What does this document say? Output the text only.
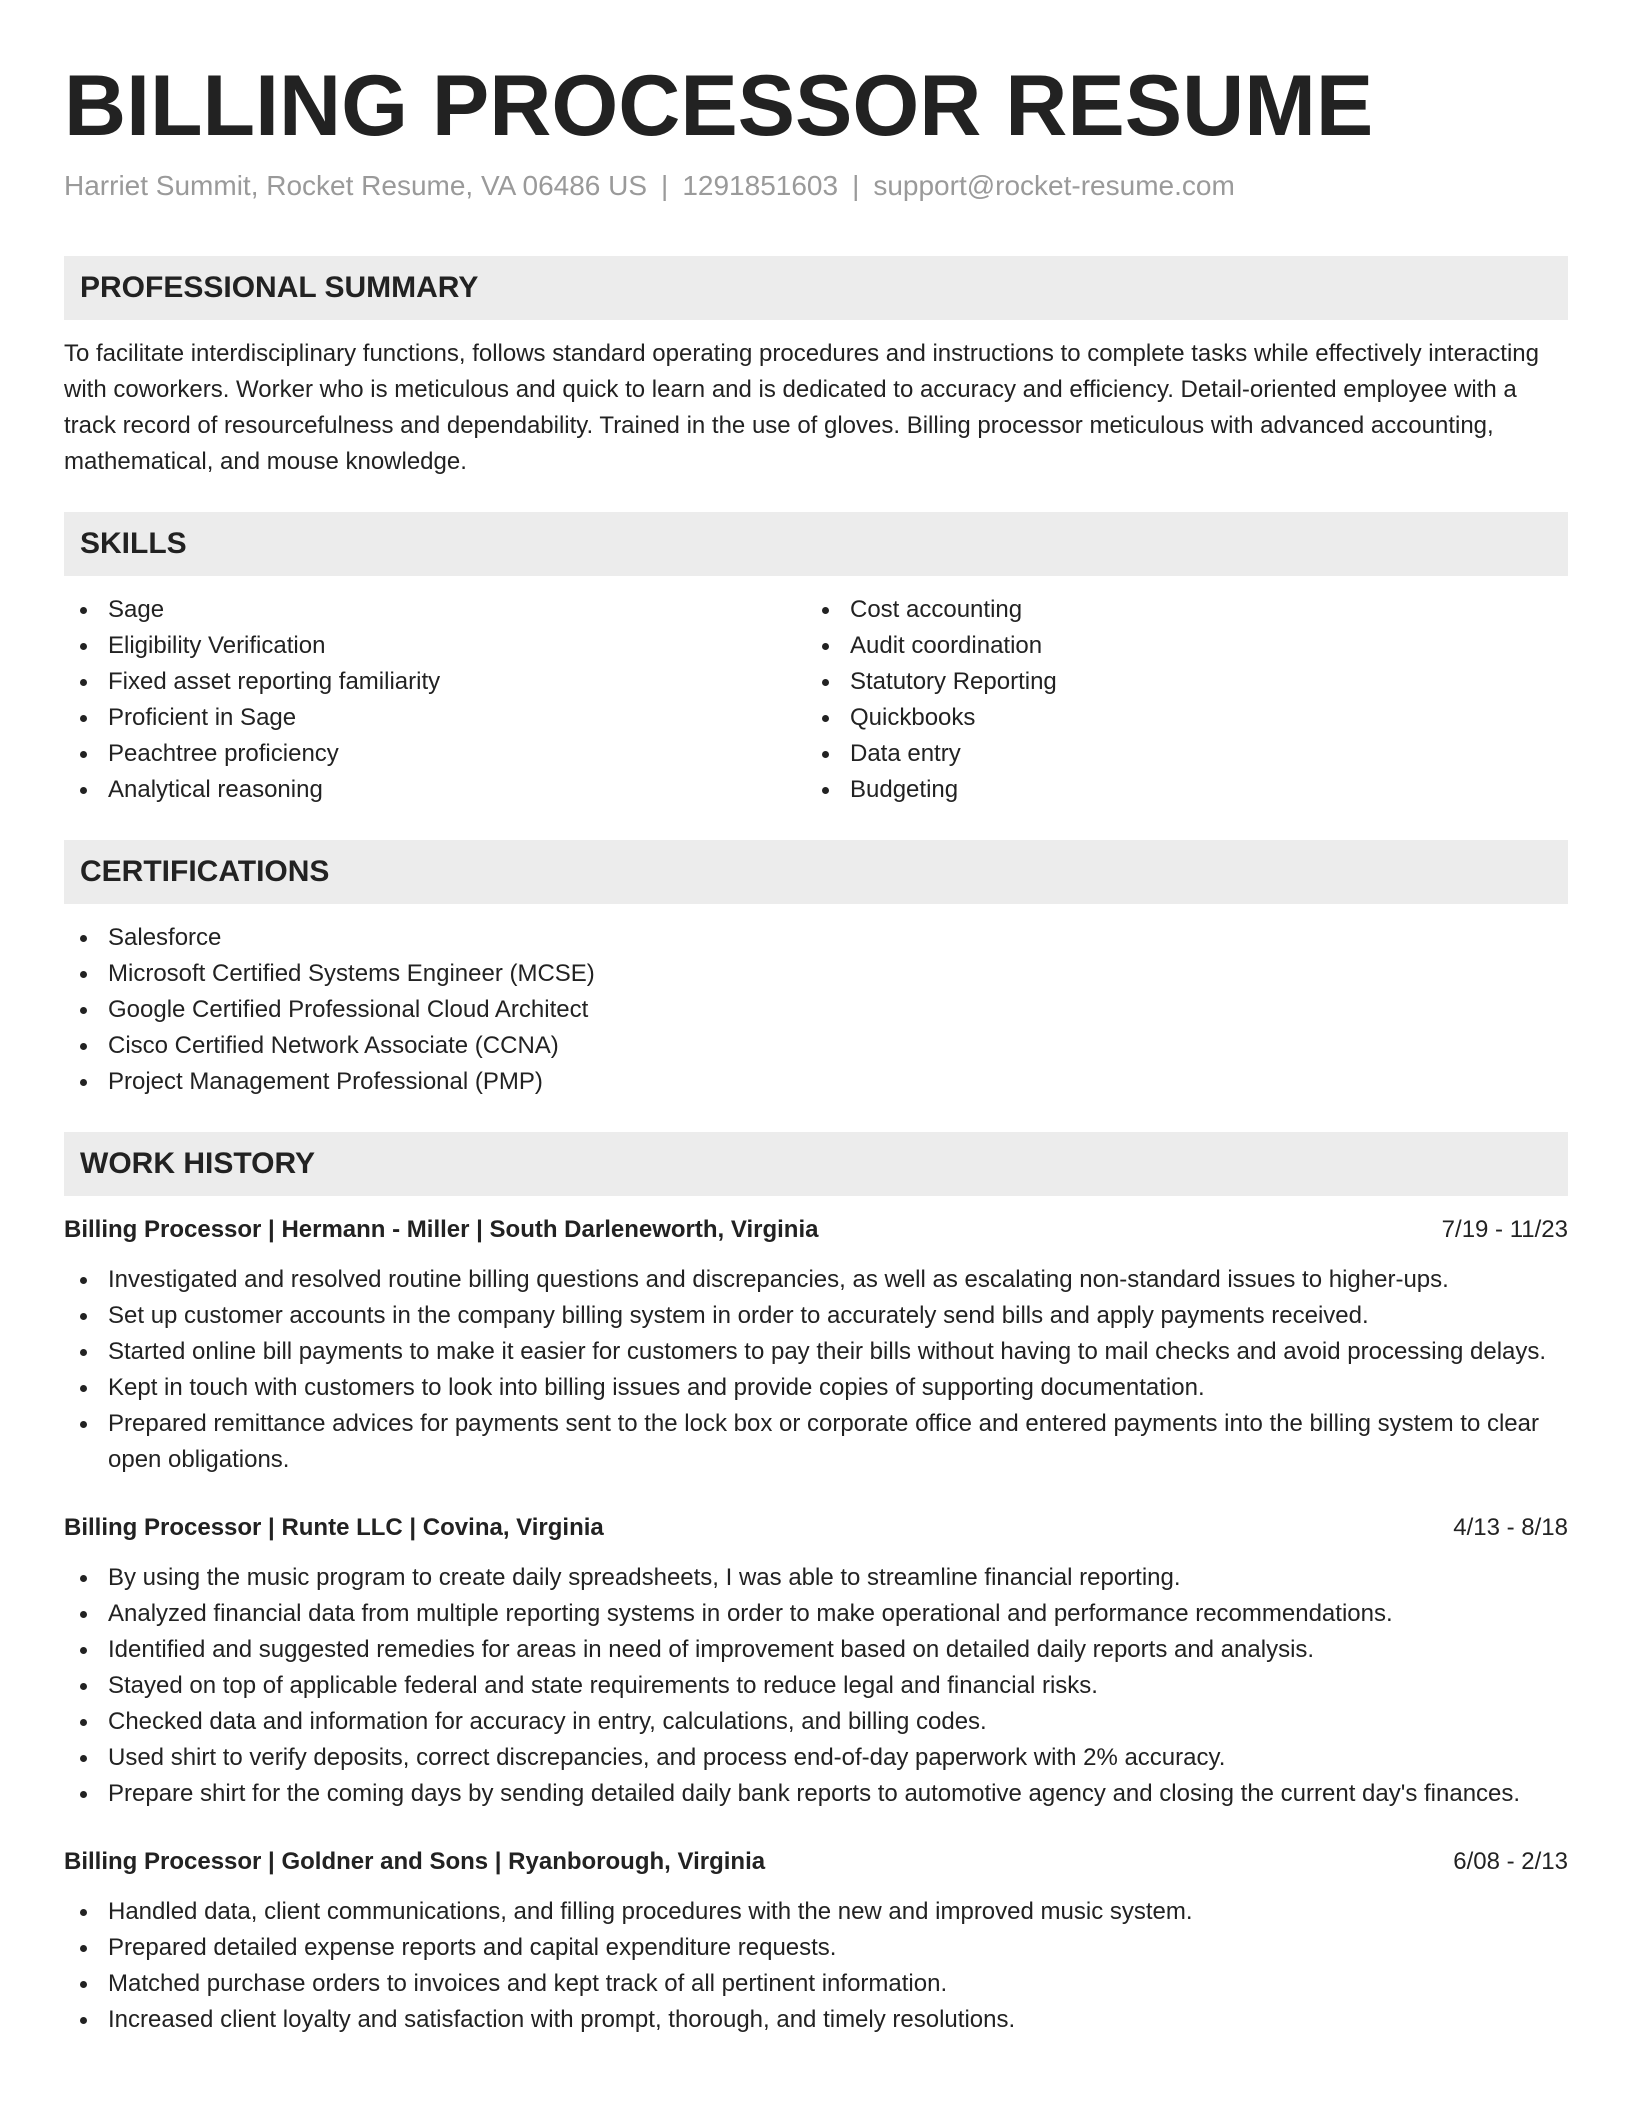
BILLING PROCESSOR RESUME
Harriet Summit, Rocket Resume, VA 06486 US | 1291851603 | support@rocket-resume.com
PROFESSIONAL SUMMARY

To facilitate interdisciplinary functions, follows standard operating procedures and instructions to complete tasks while effectively interacting with coworkers. Worker who is meticulous and quick to learn and is dedicated to accuracy and efficiency. Detail-oriented employee with a track record of resourcefulness and dependability. Trained in the use of gloves. Billing processor meticulous with advanced accounting, mathematical, and mouse knowledge.

SKILLS
Sage
Eligibility Verification
Fixed asset reporting familiarity
Proficient in Sage
Peachtree proficiency
Analytical reasoning
Cost accounting
Audit coordination
Statutory Reporting
Quickbooks
Data entry
Budgeting
CERTIFICATIONS
Salesforce
Microsoft Certified Systems Engineer (MCSE)
Google Certified Professional Cloud Architect
Cisco Certified Network Associate (CCNA)
Project Management Professional (PMP)
WORK HISTORY
Billing Processor | Hermann - Miller | South Darleneworth, Virginia	7/19 - 11/23
Investigated and resolved routine billing questions and discrepancies, as well as escalating non-standard issues to higher-ups.
Set up customer accounts in the company billing system in order to accurately send bills and apply payments received.
Started online bill payments to make it easier for customers to pay their bills without having to mail checks and avoid processing delays.
Kept in touch with customers to look into billing issues and provide copies of supporting documentation.
Prepared remittance advices for payments sent to the lock box or corporate office and entered payments into the billing system to clear open obligations.
Billing Processor | Runte LLC | Covina, Virginia	4/13 - 8/18
By using the music program to create daily spreadsheets, I was able to streamline financial reporting.
Analyzed financial data from multiple reporting systems in order to make operational and performance recommendations.
Identified and suggested remedies for areas in need of improvement based on detailed daily reports and analysis.
Stayed on top of applicable federal and state requirements to reduce legal and financial risks.
Checked data and information for accuracy in entry, calculations, and billing codes.
Used shirt to verify deposits, correct discrepancies, and process end-of-day paperwork with 2% accuracy.
Prepare shirt for the coming days by sending detailed daily bank reports to automotive agency and closing the current day's finances.
Billing Processor | Goldner and Sons | Ryanborough, Virginia	6/08 - 2/13
Handled data, client communications, and filling procedures with the new and improved music system.
Prepared detailed expense reports and capital expenditure requests.
Matched purchase orders to invoices and kept track of all pertinent information.
Increased client loyalty and satisfaction with prompt, thorough, and timely resolutions.
